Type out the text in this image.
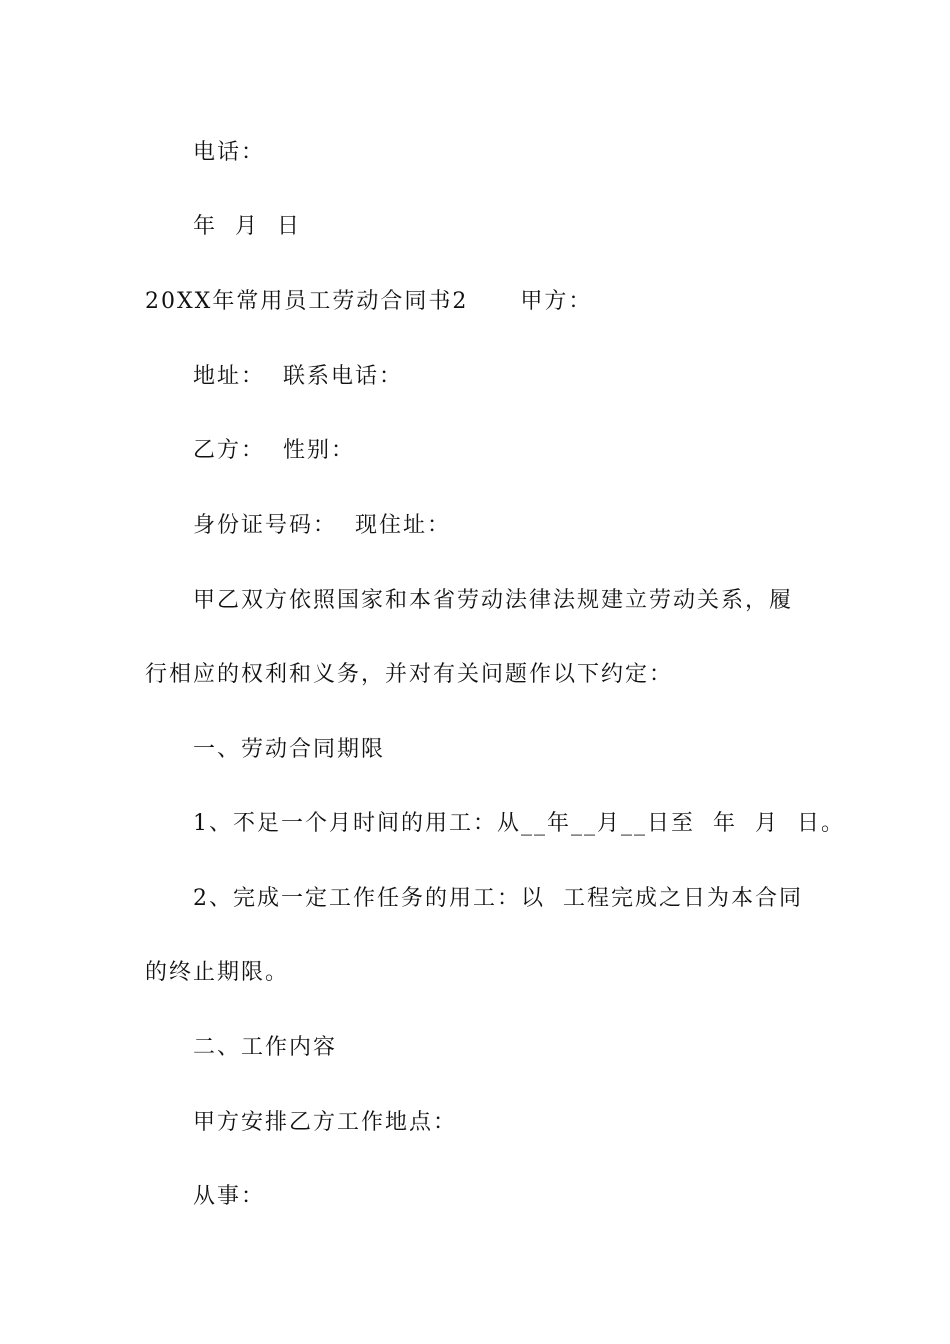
电话：
年  月  日
20XX年常用员工劳动合同书2 甲方：
地址：  联系电话：
乙方：  性别：
身份证号码：  现住址：
甲乙双方依照国家和本省劳动法律法规建立劳动关系，履
行相应的权利和义务，并对有关问题作以下约定：
一、劳动合同期限
1、不足一个月时间的用工：从__年__月__日至  年  月  日。
2、完成一定工作任务的用工：以  工程完成之日为本合同
的终止期限。
二、工作内容
甲方安排乙方工作地点：
从事：
